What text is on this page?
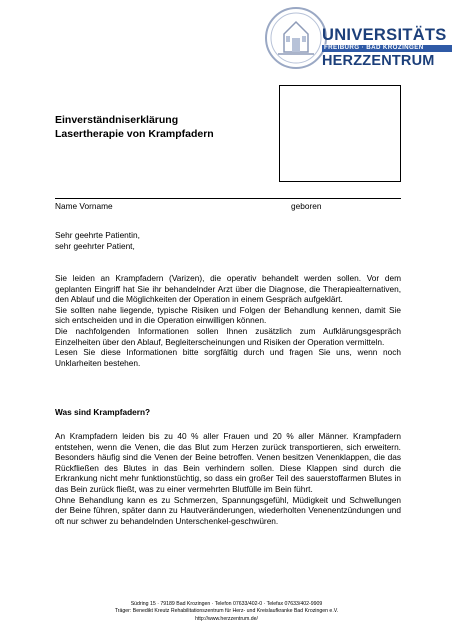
UNIVERSITÄTS
FREIBURG · BAD KROZINGEN
HERZZENTRUM
Einverständniserklärung
Lasertherapie von Krampfadern
Name Vorname	geboren

Sehr geehrte Patientin,

sehr geehrter Patient,

Sie leiden an Krampfadern (Varizen), die operativ behandelt werden sollen. Vor dem geplanten Eingriff hat Sie ihr behandelnder Arzt über die Diagnose, die Therapiealternativen, den Ablauf und die Möglichkeiten der Operation in einem Gespräch aufgeklärt.

Sie sollten nahe liegende, typische Risiken und Folgen der Behandlung kennen, damit Sie sich entscheiden und in die Operation einwilligen können.

Die nachfolgenden Informationen sollen Ihnen zusätzlich zum Aufklärungsgespräch Einzelheiten über den Ablauf, Begleiterscheinungen und Risiken der Operation vermitteln.

Lesen Sie diese Informationen bitte sorgfältig durch und fragen Sie uns, wenn noch Unklarheiten bestehen.

Was sind Krampfadern?

An Krampfadern leiden bis zu 40 % aller Frauen und 20 % aller Männer. Krampfadern entstehen, wenn die Venen, die das Blut zum Herzen zurück transportieren, sich erweitern. Besonders häufig sind die Venen der Beine betroffen. Venen besitzen Venenklappen, die das Rückfließen des Blutes in das Bein verhindern sollen. Diese Klappen sind durch die Erkrankung nicht mehr funktionstüchtig, so dass ein großer Teil des sauerstoffarmen Blutes in das Bein zurück fließt, was zu einer vermehrten Blutfülle im Bein führt.

Ohne Behandlung kann es zu Schmerzen, Spannungsgefühl, Müdigkeit und Schwellungen der Beine führen, später dann zu Hautveränderungen, wiederholten Venenentzündungen und oft nur schwer zu behandelnden Unterschenkel-geschwüren.

Südring 15 · 79189 Bad Krozingen · Telefon 07633/402-0 · Telefax 07633/402-9909
Träger: Benedikt Kreutz Rehabilitationszentrum für Herz- und Kreislaufkranke Bad Krozingen e.V.
http://www.herzzentrum.de/
